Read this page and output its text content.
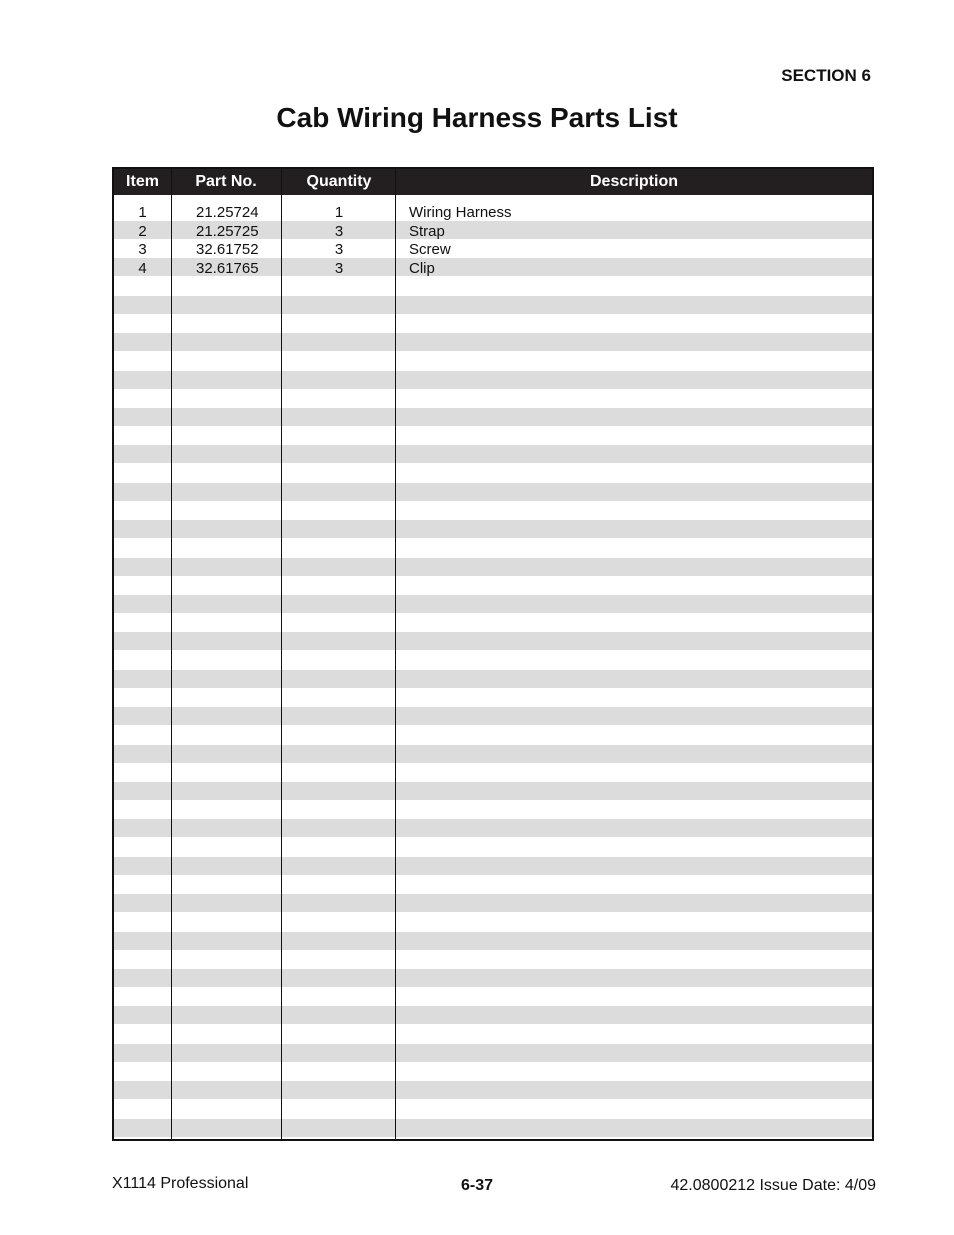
SECTION 6
Cab Wiring Harness Parts List
Item	Part No.	Quantity	Description
1	21.25724	1	Wiring Harness
2	21.25725	3	Strap
3	32.61752	3	Screw
4	32.61765	3	Clip
X1114 Professional	6-37	42.0800212 Issue Date: 4/09
